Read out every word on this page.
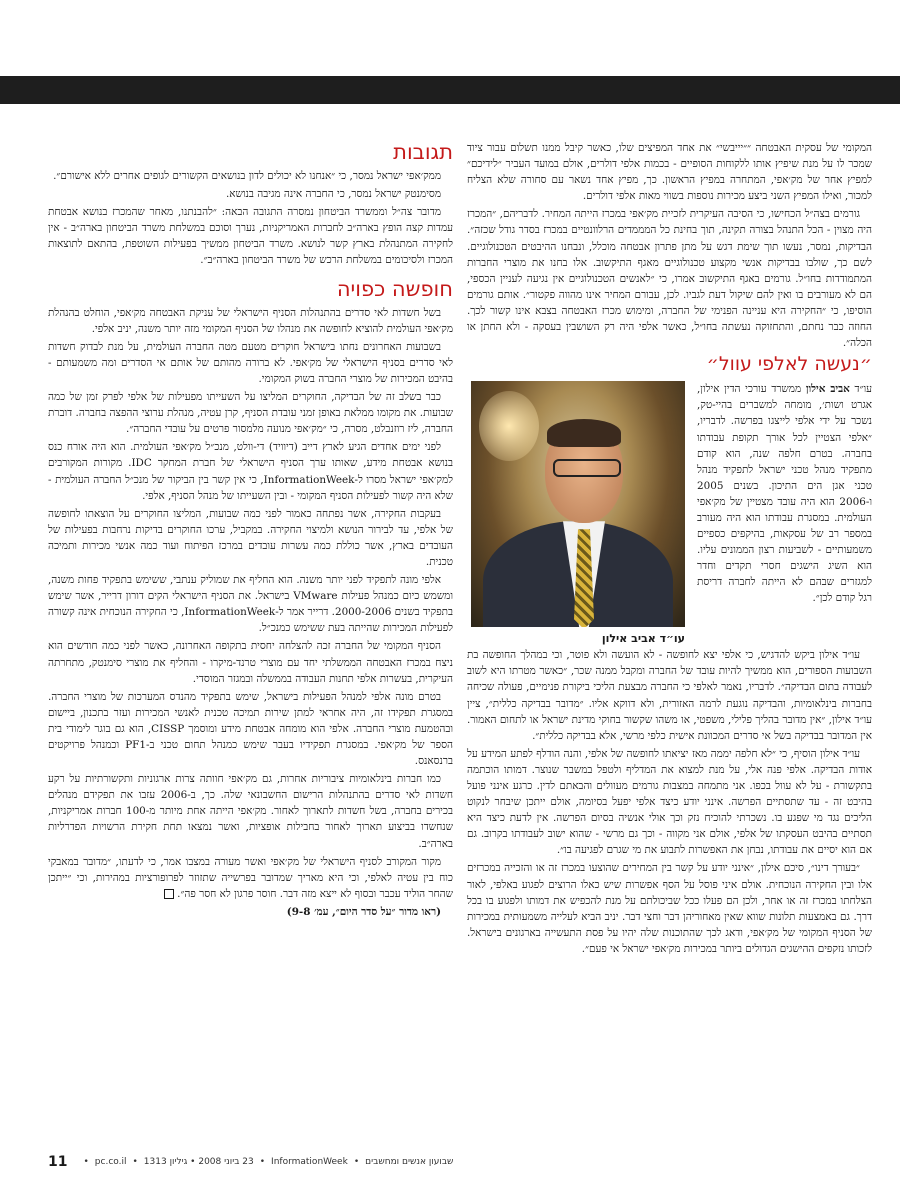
המקומי של עסקית האבטחה ״״יייבשי״ את אחד המפיצים שלו, כאשר קיבל ממנו תשלום עבור ציוד שמכר לו על מנת שיפיץ אותו ללקוחות הסופיים - בכמות אלפי דולרים, אולם במועד העביר ״לידיכם״ למפיץ אחר של מק׳אפי, המתחרה במפיץ הראשון. כך, מפיץ אחד נשאר עם סחורה שלא הצליח למכור, ואילו המפיץ השני ביצע מכירות נוספות בשווי מאות אלפי דולרים.

גורמים בצה״ל הכחישו, כי הסיבה העיקרית לזכיית מק׳אפי במכרז הייתה המחיר. לדבריהם, ״המכרז היה מצוין - הכל התנהל בצורה תקינה, תוך בחינת כל המממדים הרלוונטיים במכרז בסדר גודל שכזה״. הבדיקות, נמסר, נעשו תוך שימת דגש על מתן פתרון אבטחה מוכלל, ונבחנו ההיבטים הטכנולוגיים. לשם כך, שולבו בבדיקות אנשי מקצוע טכנולוגיים מאגף התיקשוב. אלו בחנו את מוצרי החברות המתמודדות בחו״ל. גורמים באגף התיקשוב אמרו, כי ״לאנשים הטכנולוגיים אין נגיעה לעניין הכספי, הם לא מעורבים בו ואין להם שיקול דעת לגביו. לכן, עבורם המחיר אינו מהווה פקטור״. אותם גורמים הוסיפו, כי ״החקירה היא עניינה הפנימי של החברה, ומימוש מכרז האבטחה בצבא אינו קשור לכך. החוזה כבר נחתם, והתחזוקה נעשתה בחו״ל, כאשר אלפי היה רק השושבין בעסקה - ולא החתן או הכלה״.

״נעשה לאלפי עוול״
עו״ד אביב אילון

עו״ד אביב אילון ממשרד עורכי הדין אילון, אגרט ושות׳, מומחה למשברים בהיי-טק, נשכר על ידי אלפי לייצגו בפרשה. לדבריו, ״אלפי הצטיין לכל אורך תקופת עבודתו בחברה. בטרם חלפה שנה, הוא קודם מתפקיד מנהל טכני ישראל לתפקיד מנהל טכני אגן הים התיכון. בשנים 2005 ו-2006 הוא היה עובד מצטיין של מק׳אפי העולמית. במסגרת עבודתו הוא היה מעורב במספר רב של עסקאות, בהיקפים כספיים משמעותיים - לשביעות רצון הממונים עליו. הוא השיג הישגים חסרי תקדים וחדר למגזרים שבהם לא הייתה לחברה דריסת רגל קודם לכן״.

עו״ד אילון ביקש להדגיש, כי אלפי יצא לחופשה - לא הועשה ולא פוטר, וכי במהלך החופשה בת השבועות הספורים, הוא ממשיך להיות עובד של החברה ומקבל ממנה שכר, ״כאשר מטרתו היא לשוב לעבודה בתום הבדיקה״. לדבריו, נאמר לאלפי כי החברה מבצעת הליכי ביקורת פנימיים, פעולה שכיחה בחברות בינלאומיות, והבדיקה נוגעת לרמה האזורית, ולא דווקא אליו. ״מדובר בבדיקה כללית״, ציין עו״ד אילון, ״אין מדובר בהליך פלילי, משפטי, או משהו שקשור בחוקי מדינת ישראל או לתחום האמור. אין המדובר בבדיקה בשל אי סדרים המכוונת אישית כלפי מרשי, אלא בבדיקה כללית״.

עו״ד אילון הוסיף, כי ״לא חלפה יממה מאז יציאתו לחופשה של אלפי, והנה הודלף לפתע המידע על אודות הבדיקה. אלפי פנה אלי, על מנת למצוא את המדליף ולטפל במשבר שנוצר. דמותו הוכתמה בתקשורת - על לא עוול בכפו. אני מתמחה במצבות גורמים מעוולים והבאתם לדין. כרגע אינני פועל בהיבט זה - עד שתסתיים הפרשה. אינני יודע כיצד אלפי יפעל בסיומה, אולם ייתכן שיבחר לנקוט הליכים נגד מי שפגע בו. נשכרתי להוכיח נזק וכך אולי אנשיה בסיום הפרשה. אין לדעת כיצד היא תסתיים בהיבט העסקתו של אלפי, אולם אני מקווה - וכך גם מרשי - שהוא ישוב לעבודתו בקרוב. גם אם הוא יסיים את עבודתו, נבחן את האפשרות לתבוע את מי שגרם לפגיעה בו״.

״בעורך דינו״, סיכם אילון, ״אינני יודע על קשר בין המחירים שהוצעו במכרז זה או והזכייה במכרזים אלו ובין החקירה הנוכחית. אולם איני פוסל על הסף אפשרות שיש כאלו הרוצים לפגוע באלפי, לאור הצלחתו במכרז זה או אחר, ולכן הם פעלו ככל שביכולתם על מנת להכפיש את דמותו ולפגוע בו בכל דרך. גם באמצעות תלונות שווא שאין מאחוריהן דבר וחצי דבר. יניב הביא לעלייה משמעותית במכירות של הסניף המקומי של מק׳אפי, ודאג לכך שהתוכנות שלה יהיו על פסת התעשייה בארגונים בישראל. לזכותו נזקפים ההישגים הגדולים ביותר במכירות מק׳אפי ישראל אי פעם״.

תגובות

ממק׳אפי ישראל נמסר, כי ״אנחנו לא יכולים לדון בנושאים הקשורים לגופים אחרים ללא אישורם״.

מסימנטק ישראל נמסר, כי החברה אינה מגיבה בנושא.

מדובר צה״ל וממשרד הביטחון נמסרה התגובה הבאה: ״להבנתנו, מאחר שהמכרז בנושא אבטחת עמדות קצה הופץ בארה״ב לחברות האמריקניות, נערך וסוכם במשלחת משרד הביטחון בארה״ב - אין לחקירה המתנהלת בארץ קשר לנושא. משרד הביטחון ממשיך בפעילות השוטפת, בהתאם לתוצאות המכרז ולסיכומים במשלחת הרכש של משרד הביטחון בארה״ב״.

חופשה כפויה

בשל חשדות לאי סדרים בהתנהלות הסניף הישראלי של עניקת האבטחה מק׳אפי, הוחלט בהנהלת מק׳אפי העולמית להוציא לחופשה את מנהלו של הסניף המקומי מזה יותר משנה, יניב אלפי.

בשבועות האחרונים נחתו בישראל חוקרים מטעם מטה החברה העולמית, על מנת לבדוק חשדות לאי סדרים בסניף הישראלי של מק׳אפי. לא ברורה מהותם של אותם אי הסדרים ומה משמעותם - בהיבט המכירות של מוצרי החברה בשוק המקומי.

כבר בשלב זה של הבדיקה, החוקרים המליצו על השעייתו מפעילות של אלפי לפרק זמן של כמה שבועות. את מקומו ממלאת באופן זמני עובדת הסניף, קרן עטיה, מנהלת ערוצי ההפצה בחברה. דוברת החברה, ליז רוזנבלט, מסרה, כי ״מק׳אפי מנועה מלמסור פרטים על עובדי החברה״.

לפני ימים אחדים הגיע לארץ דייב (דיוויד) די-וולט, מנכ״ל מק׳אפי העולמית. הוא היה אורח כנס בנושא אבטחת מידע, שאותו ערך הסניף הישראלי של חברת המחקר IDC. מקורות המקורבים למק׳אפי ישראל מסרו ל-InformationWeek, כי אין קשר בין הביקור של מנכ״ל החברה העולמית - שלא היה קשור לפעילות הסניף המקומי - ובין השעייתו של מנהל הסניף, אלפי.

בעקבות החקירה, אשר נפתחה כאמור לפני כמה שבועות, המליצו החוקרים על הוצאתו לחופשה של אלפי, עד לבירור הנושא ולמיצוי החקירה. במקביל, ערכו החוקרים בדיקות נרחבות בפעילות של העובדים בארץ, אשר כוללת כמה עשרות עובדים במרכז הפיתוח ועוד כמה אנשי מכירות ותמיכה טכנית.

אלפי מונה לתפקיד לפני יותר משנה. הוא החליף את שמוליק ענתבי, ששימש בתפקיד פחות משנה, ומשמש כיום כמנהל פעילות VMware בישראל. את הסניף הישראלי הקים דורון דרייר, אשר שימש בתפקיד בשנים 2000-2006. דרייר אמר ל-InformationWeek, כי החקירה הנוכחית אינה קשורה לפעילות המכירות שהייתה בעת ששימש כמנכ״ל.

הסניף המקומי של החברה זכה להצלחה יחסית בתקופה האחרונה, כאשר לפני כמה חודשים הוא ניצח במכרז האבטחה הממשלתי יחד עם מוצרי טרנד-מיקרו - והחליף את מוצרי סימנטק, מתחרתה העיקרית, בעשרות אלפי תחנות העבודה בממשלה ובמגזר המוסדי.

בטרם מונה אלפי למנהל הפעילות בישראל, שימש בתפקיד מהנדס המערכות של מוצרי החברה. במסגרת תפקידו זה, היה אחראי למתן שירות תמיכה טכנית לאנשי המכירות ועזר בתכנון, ביישום ובהטמעת מוצרי החברה. אלפי הוא מומחה אבטחת מידע ומוסמך CISSP, הוא גם בוגר לימודי בית הספר של מק׳אפי. במסגרת תפקידיו בעבר שימש כמנהל תחום טכני ב-PF1 וכמנהל פרויקטים ברנסאנס.

כמו חברות בינלאומיות ציבוריות אחרות, גם מק׳אפי חוותה צרות ארגוניות ותקשורתיות על רקע חשדות לאי סדרים בהתנהלות הרישום החשבונאי שלה. כך, ב-2006 עזבו את תפקידם מנהלים בכירים בחברה, בשל חשדות לתארוך לאחור. מק׳אפי הייתה אחת מיותר מ-100 חברות אמריקניות, שנחשדו בביצוע תארוך לאחור בחבילות אופציות, ואשר נמצאו תחת חקירת הרשויות הפדרליות בארה״ב.

מקור המקורב לסניף הישראלי של מק׳אפי ואשר מעורה במצבו אמר, כי לדעתו, ״מדובר במאבקי כוח בין עטיה לאלפי, וכי היא מאריך שמדובר בפרשייה שתזוזר לפרופורציות במהירות, וכי ״ייתכן שהחר הוליד עכבר ובסוף לא ייצא מזה דבר. חוסר פרגון לא חסר פה״.

(ראו מדור ״על סדר היום״, עמ׳ 9-8)

11 • pc.co.il • 23 ביוני 2008 • גיליון 1313 • InformationWeek • שבועון אנשים ומחשבים
